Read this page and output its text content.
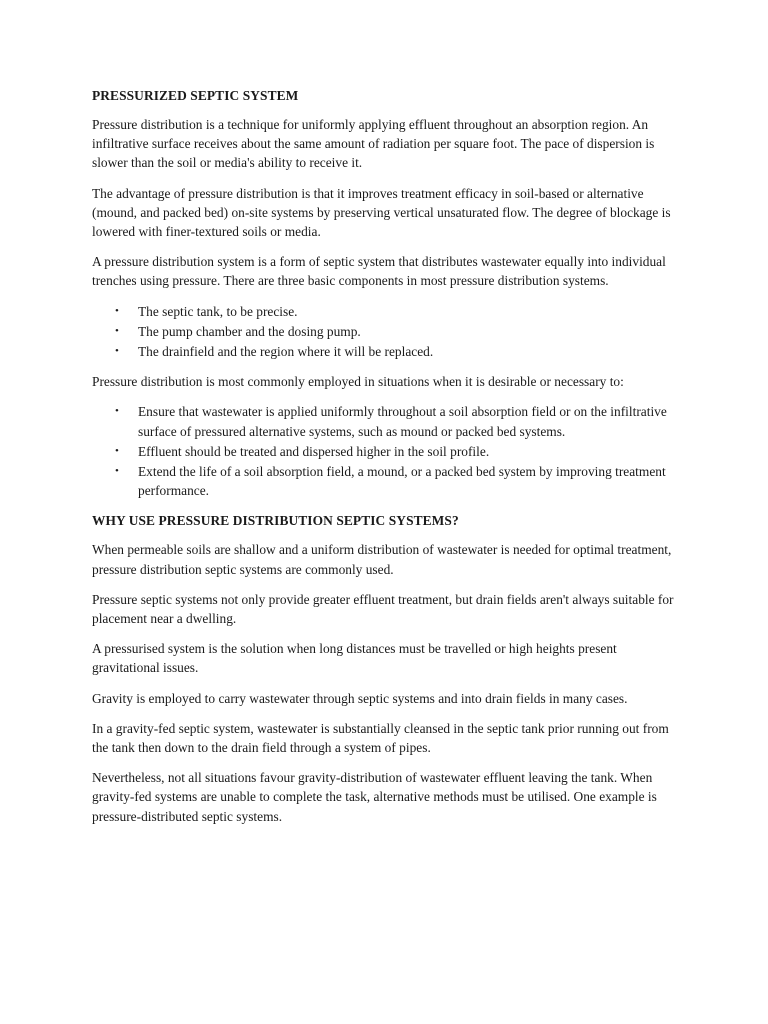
PRESSURIZED SEPTIC SYSTEM

Pressure distribution is a technique for uniformly applying effluent throughout an absorption region. An infiltrative surface receives about the same amount of radiation per square foot. The pace of dispersion is slower than the soil or media's ability to receive it.

The advantage of pressure distribution is that it improves treatment efficacy in soil-based or alternative (mound, and packed bed) on-site systems by preserving vertical unsaturated flow. The degree of blockage is lowered with finer-textured soils or media.

A pressure distribution system is a form of septic system that distributes wastewater equally into individual trenches using pressure. There are three basic components in most pressure distribution systems.

• The septic tank, to be precise.
• The pump chamber and the dosing pump.
• The drainfield and the region where it will be replaced.

Pressure distribution is most commonly employed in situations when it is desirable or necessary to:

• Ensure that wastewater is applied uniformly throughout a soil absorption field or on the infiltrative surface of pressured alternative systems, such as mound or packed bed systems.
• Effluent should be treated and dispersed higher in the soil profile.
• Extend the life of a soil absorption field, a mound, or a packed bed system by improving treatment performance.
WHY USE PRESSURE DISTRIBUTION SEPTIC SYSTEMS?

When permeable soils are shallow and a uniform distribution of wastewater is needed for optimal treatment, pressure distribution septic systems are commonly used.

Pressure septic systems not only provide greater effluent treatment, but drain fields aren't always suitable for placement near a dwelling.

A pressurised system is the solution when long distances must be travelled or high heights present gravitational issues.

Gravity is employed to carry wastewater through septic systems and into drain fields in many cases.

In a gravity-fed septic system, wastewater is substantially cleansed in the septic tank prior running out from the tank then down to the drain field through a system of pipes.

Nevertheless, not all situations favour gravity-distribution of wastewater effluent leaving the tank. When gravity-fed systems are unable to complete the task, alternative methods must be utilised. One example is pressure-distributed septic systems.
